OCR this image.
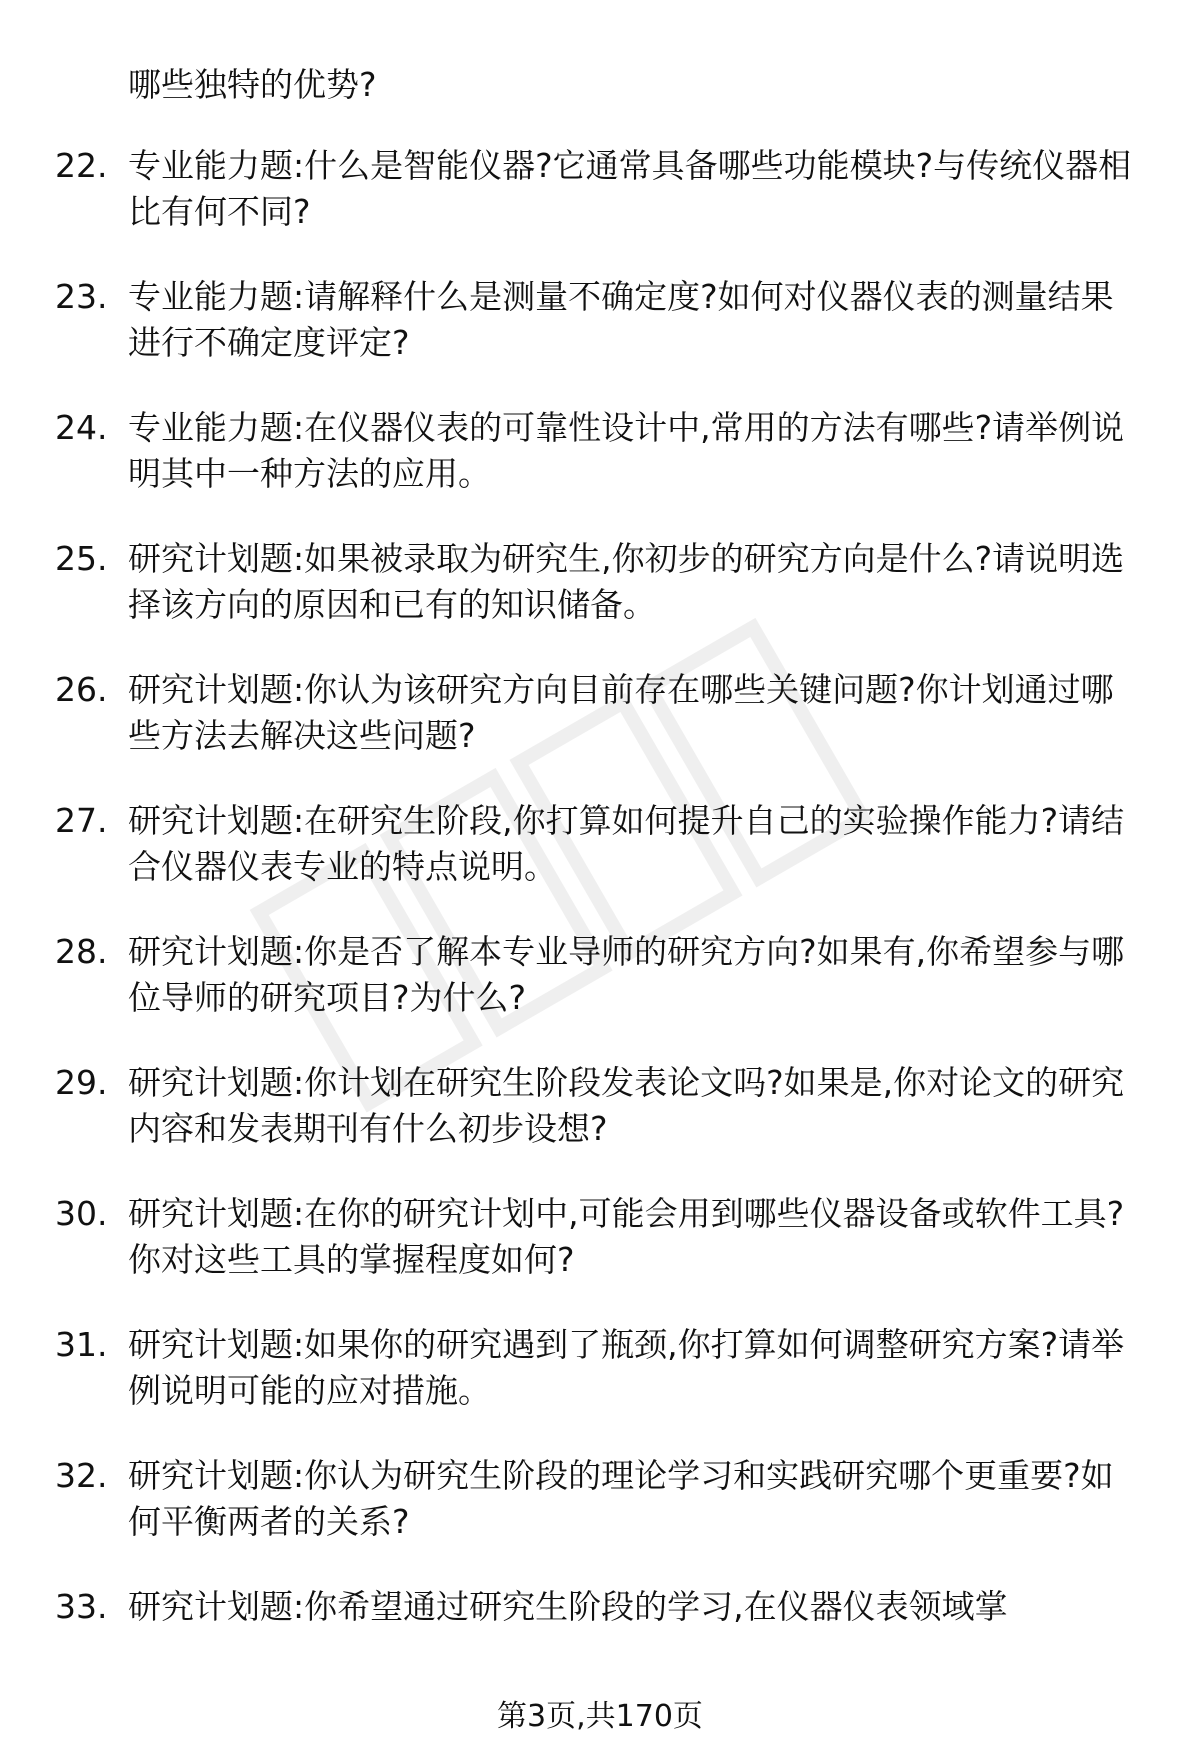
哪些独特的优势?
22. 专业能力题:什么是智能仪器?它通常具备哪些功能模块?与传统仪器相比有何不同?
23. 专业能力题:请解释什么是测量不确定度?如何对仪器仪表的测量结果进行不确定度评定?
24. 专业能力题:在仪器仪表的可靠性设计中,常用的方法有哪些?请举例说明其中一种方法的应用。
25. 研究计划题:如果被录取为研究生,你初步的研究方向是什么?请说明选择该方向的原因和已有的知识储备。
26. 研究计划题:你认为该研究方向目前存在哪些关键问题?你计划通过哪些方法去解决这些问题?
27. 研究计划题:在研究生阶段,你打算如何提升自己的实验操作能力?请结合仪器仪表专业的特点说明。
28. 研究计划题:你是否了解本专业导师的研究方向?如果有,你希望参与哪位导师的研究项目?为什么?
29. 研究计划题:你计划在研究生阶段发表论文吗?如果是,你对论文的研究内容和发表期刊有什么初步设想?
30. 研究计划题:在你的研究计划中,可能会用到哪些仪器设备或软件工具?你对这些工具的掌握程度如何?
31. 研究计划题:如果你的研究遇到了瓶颈,你打算如何调整研究方案?请举例说明可能的应对措施。
32. 研究计划题:你认为研究生阶段的理论学习和实践研究哪个更重要?如何平衡两者的关系?
33. 研究计划题:你希望通过研究生阶段的学习,在仪器仪表领域掌
第3页,共170页
